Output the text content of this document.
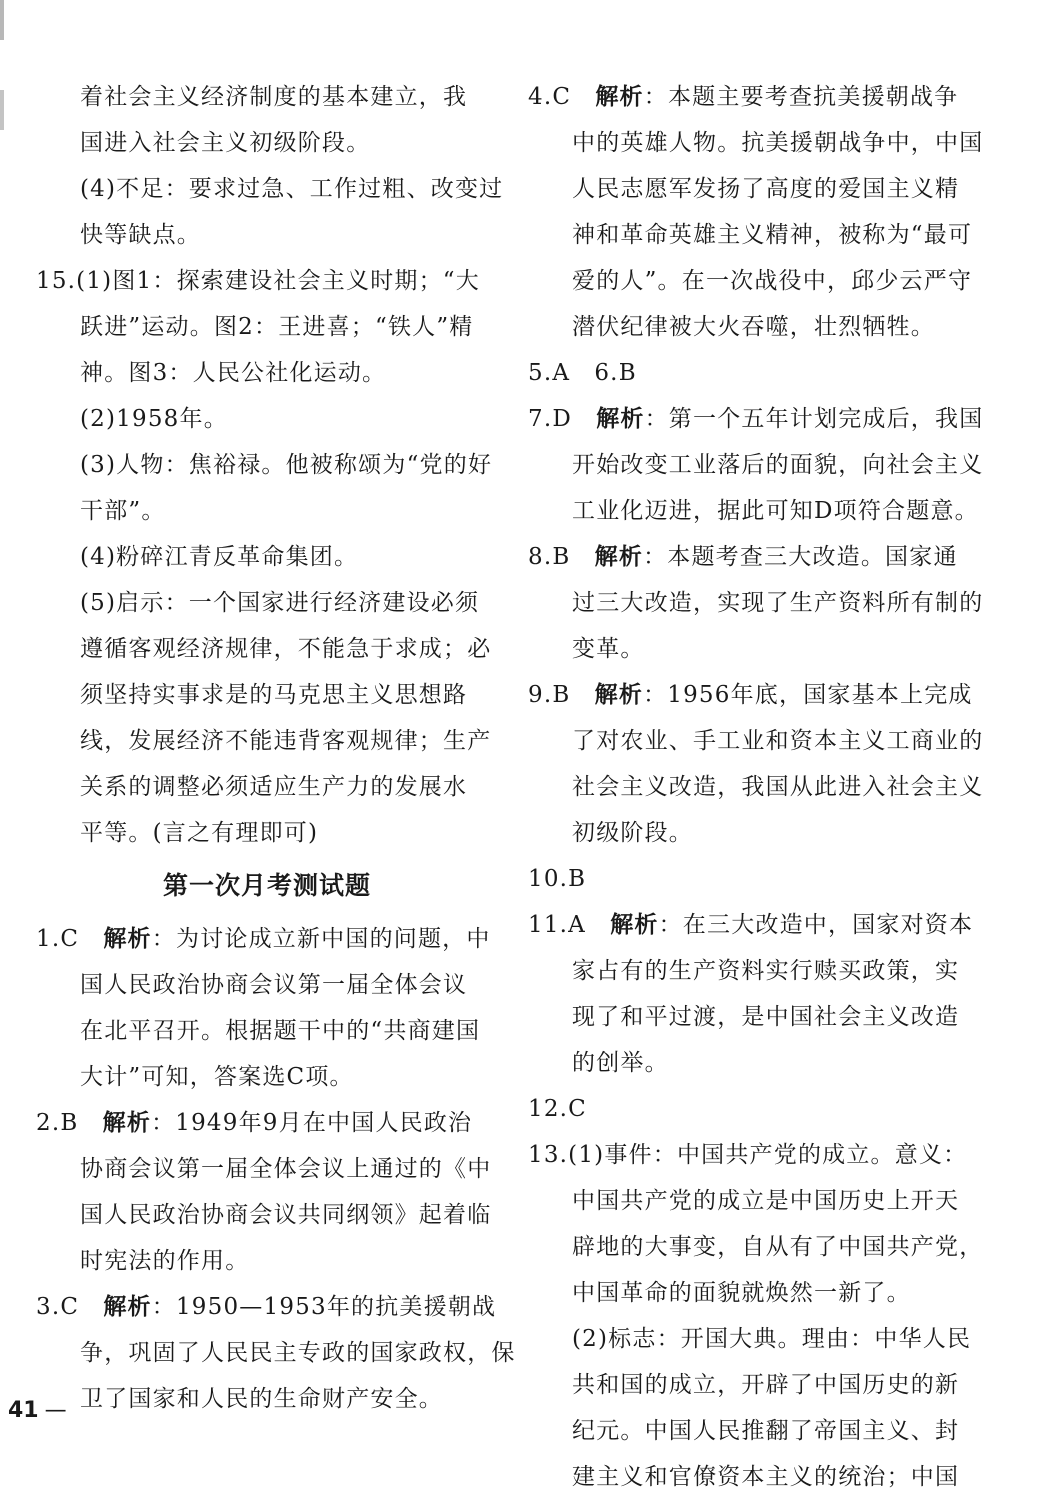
着社会主义经济制度的基本建立，我
国进入社会主义初级阶段。
(4)不足：要求过急、工作过粗、改变过
快等缺点。
15.(1)图1：探索建设社会主义时期；“大
跃进”运动。图2：王进喜；“铁人”精
神。图3：人民公社化运动。
(2)1958年。
(3)人物：焦裕禄。他被称颂为“党的好
干部”。
(4)粉碎江青反革命集团。
(5)启示：一个国家进行经济建设必须
遵循客观经济规律，不能急于求成；必
须坚持实事求是的马克思主义思想路
线，发展经济不能违背客观规律；生产
关系的调整必须适应生产力的发展水
平等。(言之有理即可)
第一次月考测试题
1.C　 解析：为讨论成立新中国的问题，中
国人民政治协商会议第一届全体会议
在北平召开。根据题干中的“共商建国
大计”可知，答案选C项。
2.B　 解析：1949年9月在中国人民政治
协商会议第一届全体会议上通过的《中
国人民政治协商会议共同纲领》起着临
时宪法的作用。
3.C　 解析：1950—1953年的抗美援朝战
争，巩固了人民民主专政的国家政权，保
卫了国家和人民的生命财产安全。
4.C　 解析：本题主要考查抗美援朝战争
中的英雄人物。抗美援朝战争中，中国
人民志愿军发扬了高度的爱国主义精
神和革命英雄主义精神，被称为“最可
爱的人”。在一次战役中，邱少云严守
潜伏纪律被大火吞噬，壮烈牺牲。
5.A　6.B
7.D　 解析：第一个五年计划完成后，我国
开始改变工业落后的面貌，向社会主义
工业化迈进，据此可知D项符合题意。
8.B　 解析：本题考查三大改造。国家通
过三大改造，实现了生产资料所有制的
变革。
9.B　 解析：1956年底，国家基本上完成
了对农业、手工业和资本主义工商业的
社会主义改造，我国从此进入社会主义
初级阶段。
10.B
11.A　 解析：在三大改造中，国家对资本
家占有的生产资料实行赎买政策，实
现了和平过渡，是中国社会主义改造
的创举。
12.C
13.(1)事件：中国共产党的成立。意义：
中国共产党的成立是中国历史上开天
辟地的大事变，自从有了中国共产党，
中国革命的面貌就焕然一新了。
(2)标志：开国大典。理由：中华人民
共和国的成立，开辟了中国历史的新
纪元。中国人民推翻了帝国主义、封
建主义和官僚资本主义的统治；中国
41 —
